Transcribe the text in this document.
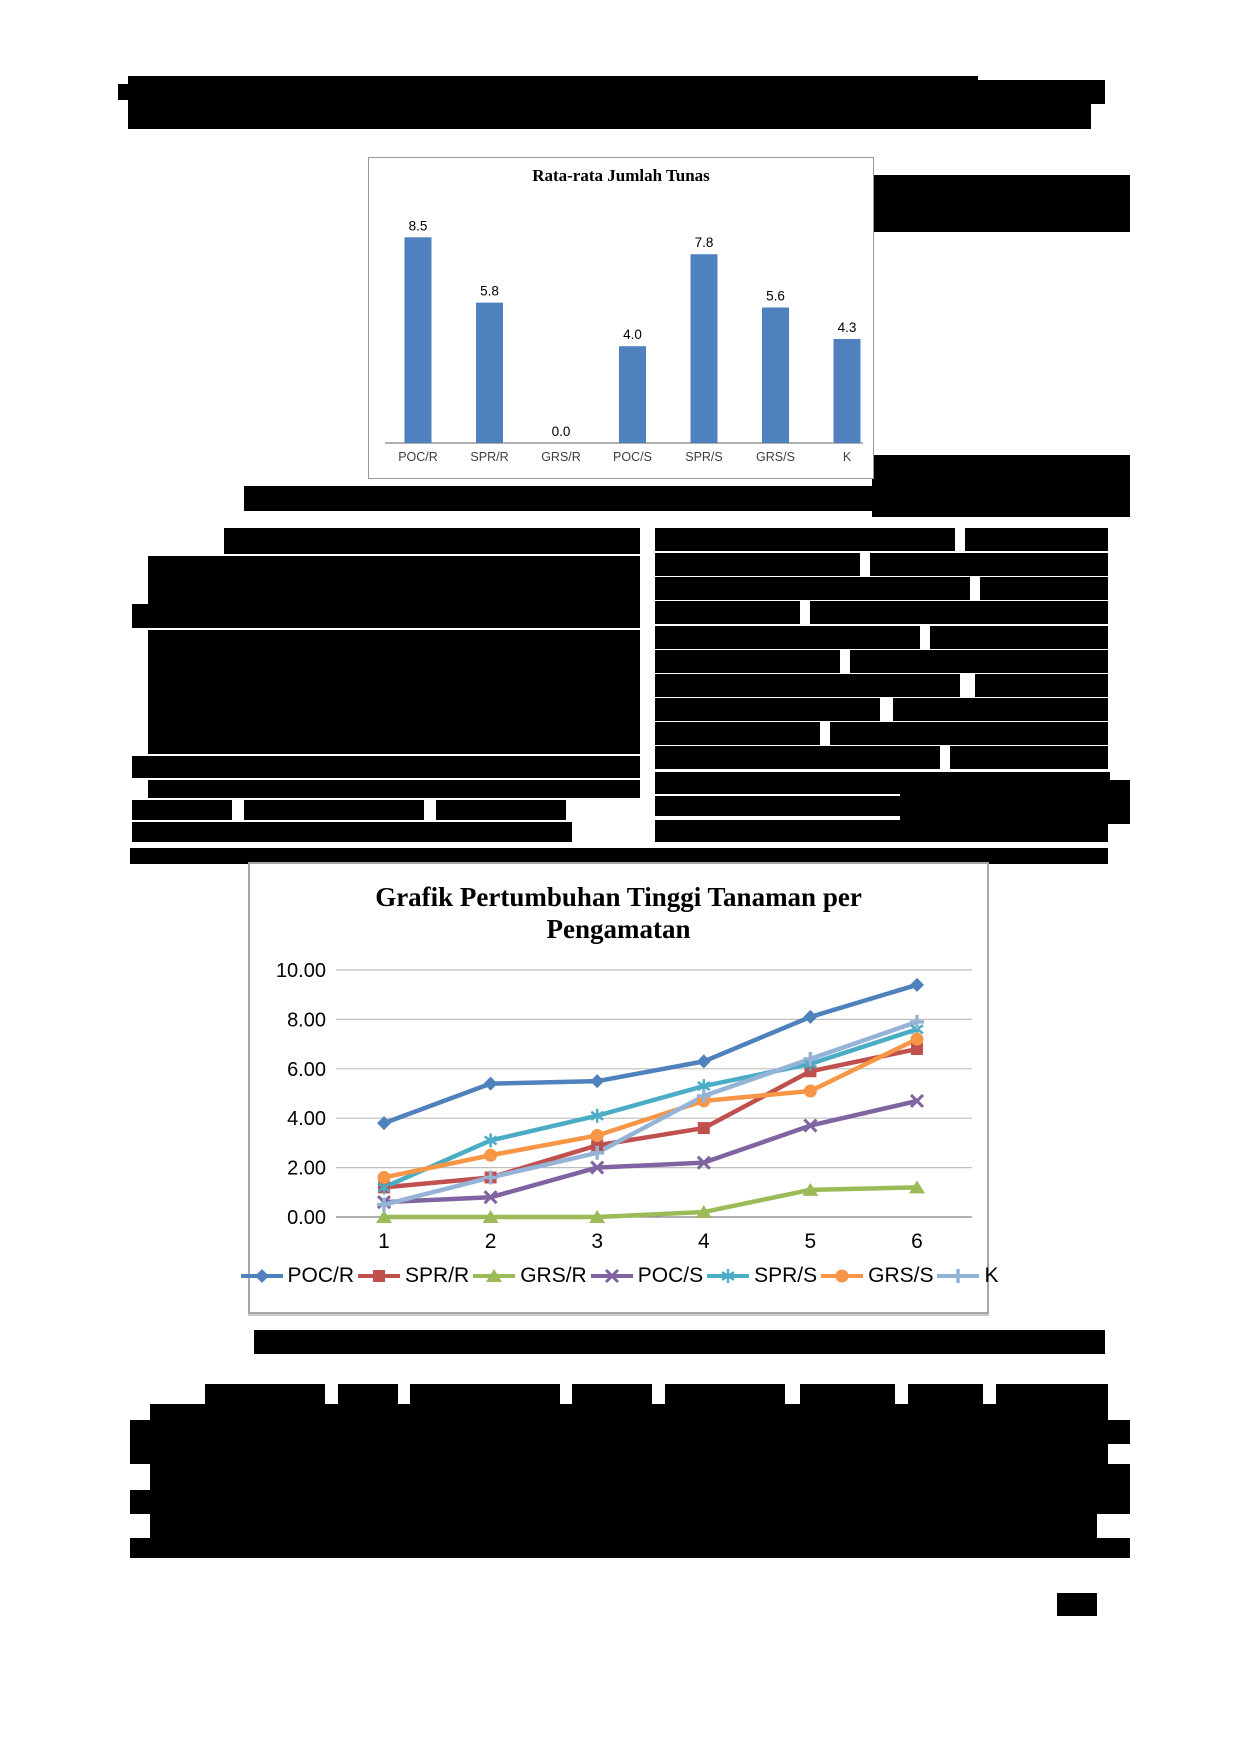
Rata-rata Jumlah Tunas
8.5
POC/R
5.8
SPR/R
0.0
GRS/R
4.0
POC/S
7.8
SPR/S
5.6
GRS/S
4.3
K
Grafik Pertumbuhan Tinggi Tanaman per Pengamatan
0.00
2.00
4.00
6.00
8.00
10.00
1	2	3	4	5	6
POC/R SPR/R GRS/R POC/S SPR/S GRS/S K
